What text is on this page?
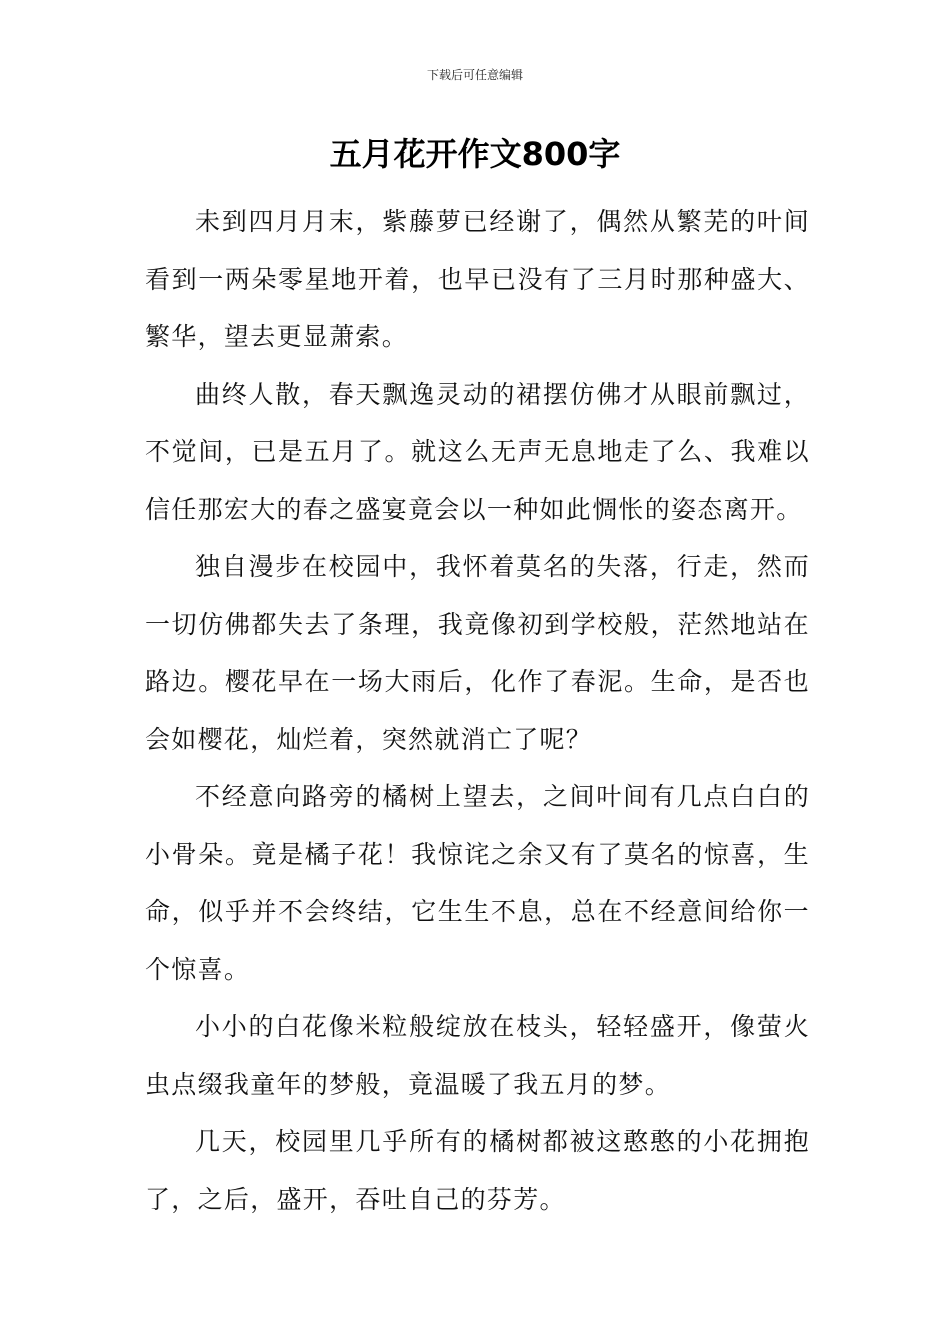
下载后可任意编辑
五月花开作文800字

未到四月月末，紫藤萝已经谢了，偶然从繁芜的叶间看到一两朵零星地开着，也早已没有了三月时那种盛大、繁华，望去更显萧索。

曲终人散，春天飘逸灵动的裙摆仿佛才从眼前飘过，不觉间，已是五月了。就这么无声无息地走了么、我难以信任那宏大的春之盛宴竟会以一种如此惆怅的姿态离开。

独自漫步在校园中，我怀着莫名的失落，行走，然而一切仿佛都失去了条理，我竟像初到学校般，茫然地站在路边。樱花早在一场大雨后，化作了春泥。生命，是否也会如樱花，灿烂着，突然就消亡了呢？

不经意向路旁的橘树上望去，之间叶间有几点白白的小骨朵。竟是橘子花！我惊诧之余又有了莫名的惊喜，生命，似乎并不会终结，它生生不息，总在不经意间给你一个惊喜。

小小的白花像米粒般绽放在枝头，轻轻盛开，像萤火虫点缀我童年的梦般，竟温暖了我五月的梦。

几天，校园里几乎所有的橘树都被这憨憨的小花拥抱了，之后，盛开，吞吐自己的芬芳。
